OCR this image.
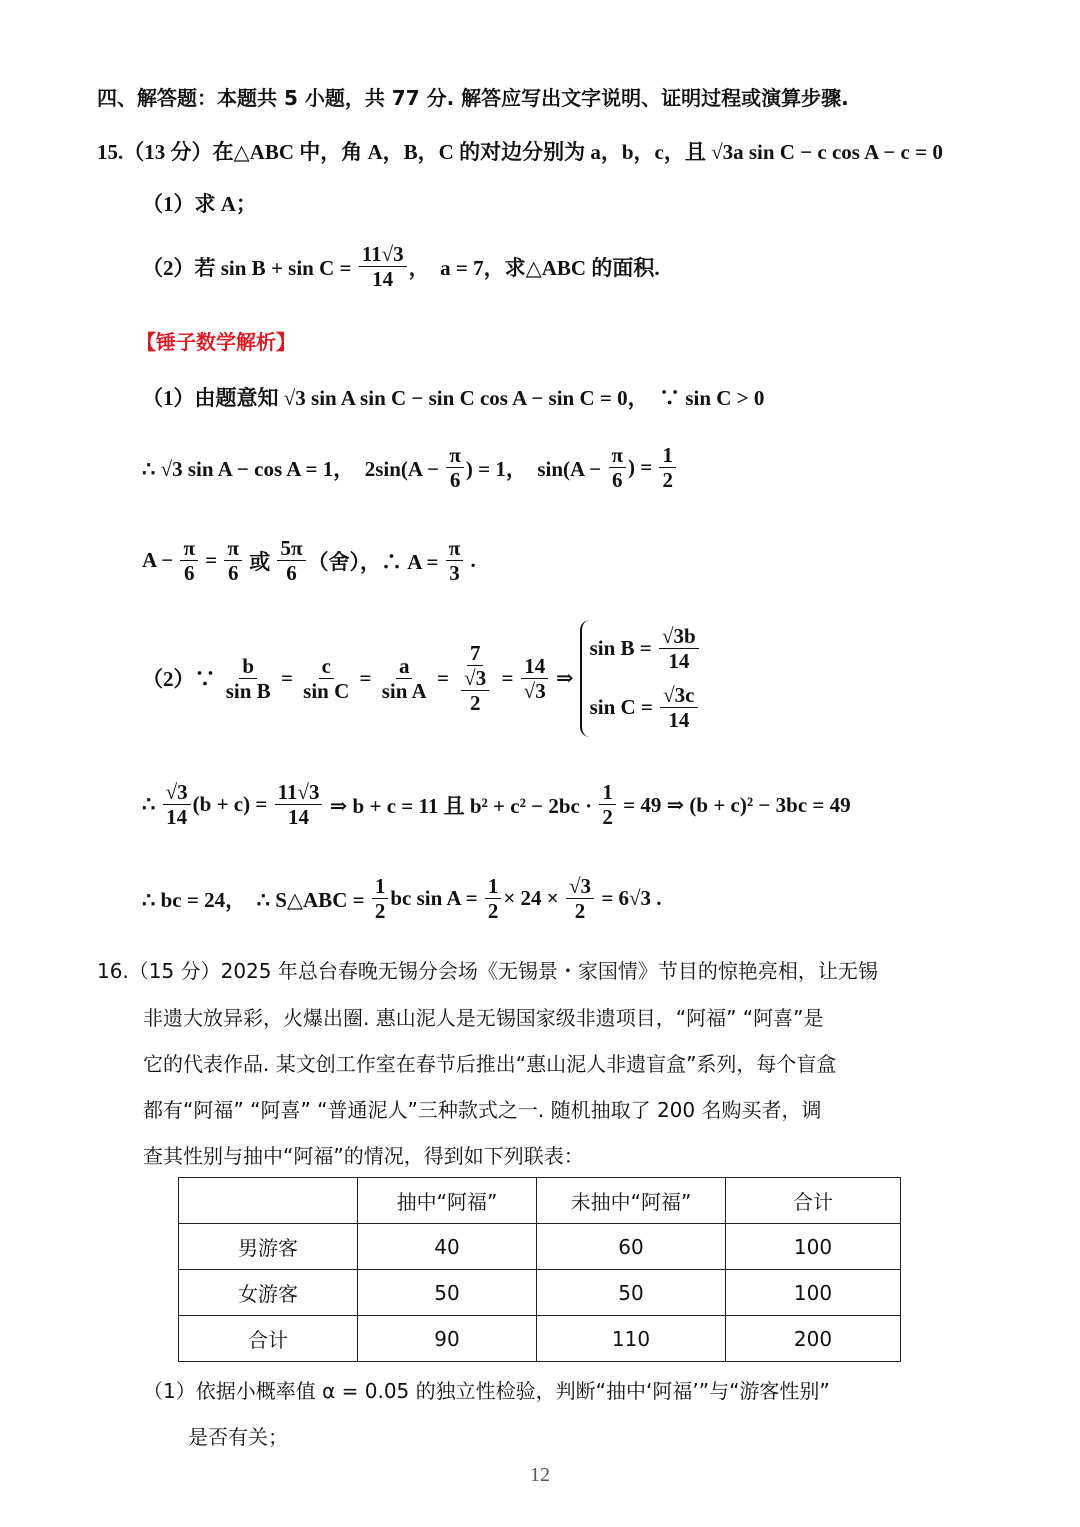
四、解答题：本题共 5 小题，共 77 分. 解答应写出文字说明、证明过程或演算步骤.
15.（13 分）在△ABC 中，角 A，B，C 的对边分别为 a，b，c，且 √3a sin C − c cos A − c = 0
（1）求 A；
（2）若 $\sin B + \sin C = \frac{11√3}{14}$ ，  a = 7，求△ABC 的面积.
【锤子数学解析】
（1）由题意知 √3 sin A sin C − sin C cos A − sin C = 0，  ∵ sin C > 0
∴ √3 sin A − cos A = 1，  $2\sin(A - \frac{\pi}{6}$ ) = 1，  $\sin(A - \frac{\pi}{6}$ ) = $\frac{1}{2}$
$A - \frac{\pi}{6} = \frac{\pi}{6}$ 或 $\frac{5\pi}{6}$ （舍），∴ $A = \frac{\pi}{3}$ .
（2）∵ $\frac{b}{\text{sin B}} = \frac{c}{\text{sin C}} = \frac{a}{\text{sin A}} = \frac{7}{\frac{√3}{2}} = \frac{14}{√3}$ ⇒
$\sin B = \frac{√3b}{14}$
$\sin C = \frac{√3c}{14}$
∴ $\frac{√3}{14} (b + c) = \frac{11√3}{14}$ ⇒ b + c = 11 且 $b^2 + c^2 - 2bc \cdot \frac{1}{2} = 49$ ⇒ (b + c)² − 3bc = 49
∴ bc = 24，  ∴ S△ABC = $\frac{1}{2}$ bc $\sin A = \frac{1}{2} \times 24 \times \frac{√3}{2} = 6√3$ .
16.（15 分）2025 年总台春晚无锡分会场《无锡景・家国情》节目的惊艳亮相，让无锡
非遗大放异彩，火爆出圈. 惠山泥人是无锡国家级非遗项目，“阿福” “阿喜”是
它的代表作品. 某文创工作室在春节后推出“惠山泥人非遗盲盒”系列，每个盲盒
都有“阿福” “阿喜” “普通泥人”三种款式之一. 随机抽取了 200 名购买者，调
查其性别与抽中“阿福”的情况，得到如下列联表：
	抽中“阿福”	未抽中“阿福”	合计
男游客	40	60	100
女游客	50	50	100
合计	90	110	200
（1）依据小概率值 α = 0.05 的独立性检验，判断“抽中‘阿福’”与“游客性别”
是否有关；
12
